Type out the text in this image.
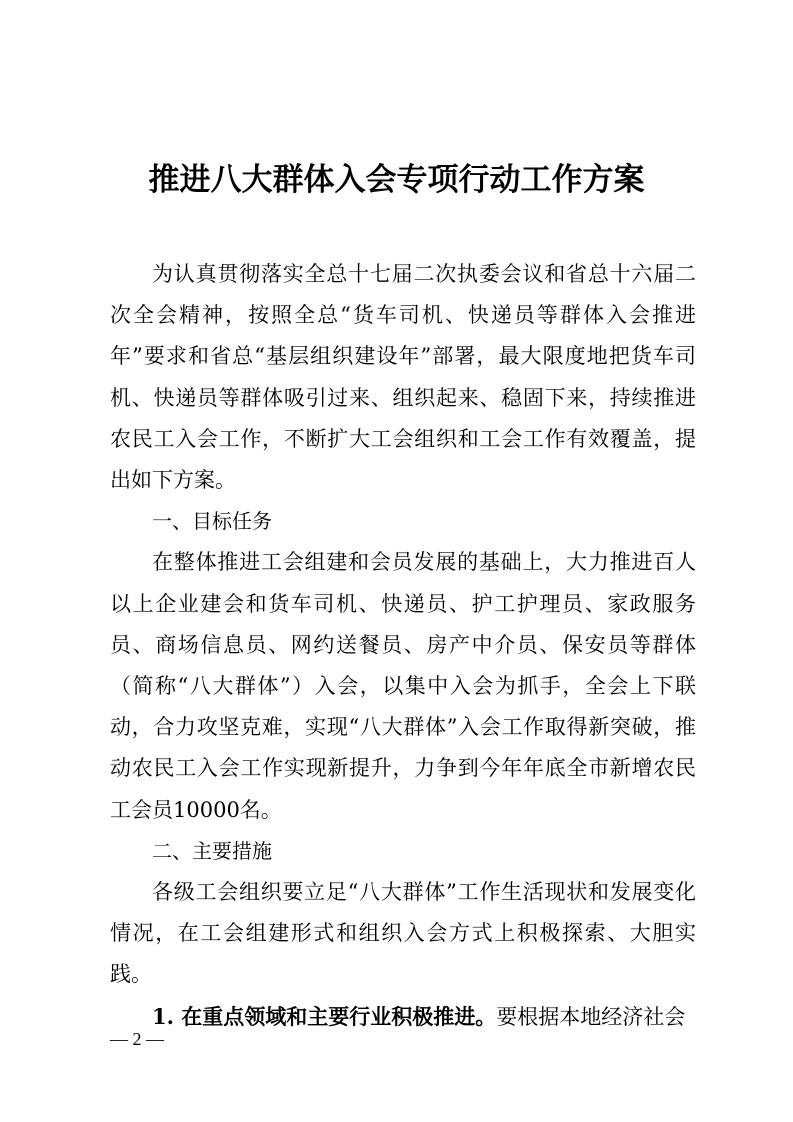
推进八大群体入会专项行动工作方案

为认真贯彻落实全总十七届二次执委会议和省总十六届二次全会精神，按照全总“货车司机、快递员等群体入会推进年”要求和省总“基层组织建设年”部署，最大限度地把货车司机、快递员等群体吸引过来、组织起来、稳固下来，持续推进农民工入会工作，不断扩大工会组织和工会工作有效覆盖，提出如下方案。

一、目标任务

在整体推进工会组建和会员发展的基础上，大力推进百人以上企业建会和货车司机、快递员、护工护理员、家政服务员、商场信息员、网约送餐员、房产中介员、保安员等群体（简称“八大群体”）入会，以集中入会为抓手，全会上下联动，合力攻坚克难，实现“八大群体”入会工作取得新突破，推动农民工入会工作实现新提升，力争到今年年底全市新增农民工会员10000名。

二、主要措施

各级工会组织要立足“八大群体”工作生活现状和发展变化情况，在工会组建形式和组织入会方式上积极探索、大胆实践。

1. 在重点领域和主要行业积极推进。要根据本地经济社会

— 2 —
